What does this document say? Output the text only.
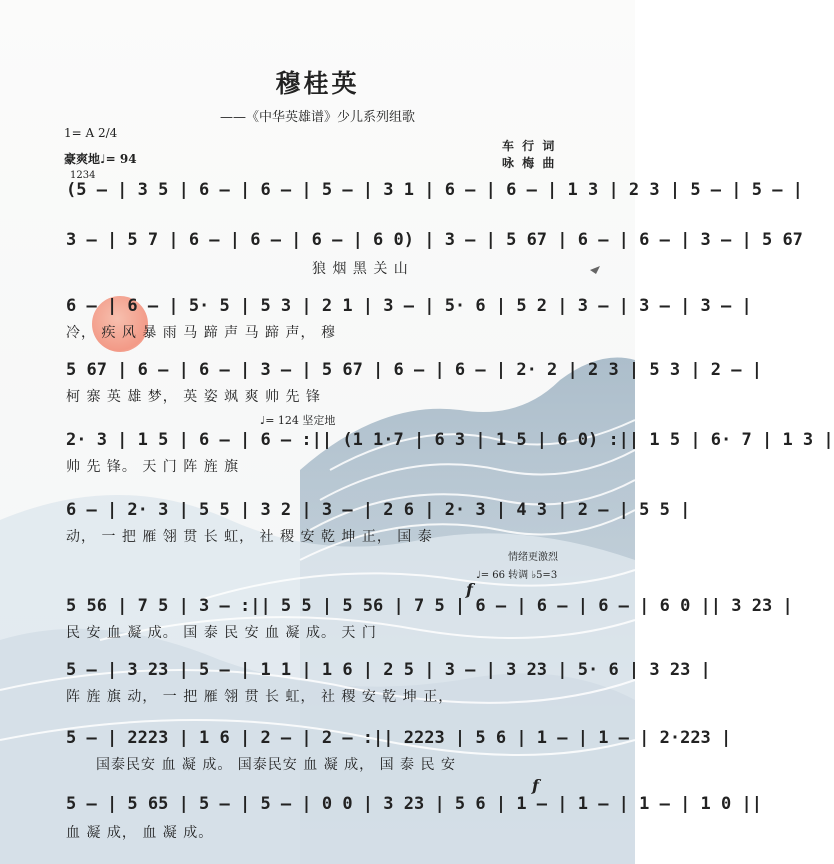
穆桂英
——《中华英雄谱》少儿系列组歌
1= A 2/4
豪爽地♩= 94
车 行 词
咏 梅 曲
1234
(5 – | 3 5 | 6 – | 6 – | 5 – | 3 1 | 6 – | 6 – | 1 3 | 2 3 | 5 – | 5 – |
3 – | 5 7 | 6 – | 6 – | 6 – | 6 0) | 3 – | 5 67 | 6 – | 6 – | 3 – | 5 67
狼 烟 黑 关 山
6 – | 6 – | 5· 5 | 5 3 | 2 1 | 3 – | 5· 6 | 5 2 | 3 – | 3 – | 3 – |
冷， 疾 风 暴 雨 马 蹄 声 马 蹄 声， 穆
5 67 | 6 – | 6 – | 3 – | 5 67 | 6 – | 6 – | 2· 2 | 2 3 | 5 3 | 2 – |
柯 寨 英 雄 梦， 英 姿 飒 爽 帅 先 锋
♩= 124 坚定地
2· 3 | 1 5 | 6 – | 6 – :|| (1 1·7 | 6 3 | 1 5 | 6 0) :|| 1 5 | 6· 7 | 1 3 |
帅 先 锋。 天 门 阵 旌 旗
6 – | 2· 3 | 5 5 | 3 2 | 3 – | 2 6 | 2· 3 | 4 3 | 2 – | 5 5 |
动， 一 把 雁 翎 贯 长 虹， 社 稷 安 乾 坤 正， 国 泰
情绪更激烈
♩= 66 转调 ♭5=3
f
5 56 | 7 5 | 3 – :|| 5 5 | 5 56 | 7 5 | 6 – | 6 – | 6 – | 6 0 || 3 23 |
民 安 血 凝 成。 国 泰 民 安 血 凝 成。 天 门
5 – | 3 23 | 5 – | 1 1 | 1 6 | 2 5 | 3 – | 3 23 | 5· 6 | 3 23 |
阵 旌 旗 动， 一 把 雁 翎 贯 长 虹， 社 稷 安 乾 坤 正，
5 – | 2223 | 1 6 | 2 – | 2 – :|| 2223 | 5 6 | 1 – | 1 – | 2·223 |
国泰民安 血 凝 成。 国泰民安 血 凝 成， 国 泰 民 安
f
5 – | 5 65 | 5 – | 5 – | 0 0 | 3 23 | 5 6 | 1 – | 1 – | 1 – | 1 0 ||
血 凝 成， 血 凝 成。
